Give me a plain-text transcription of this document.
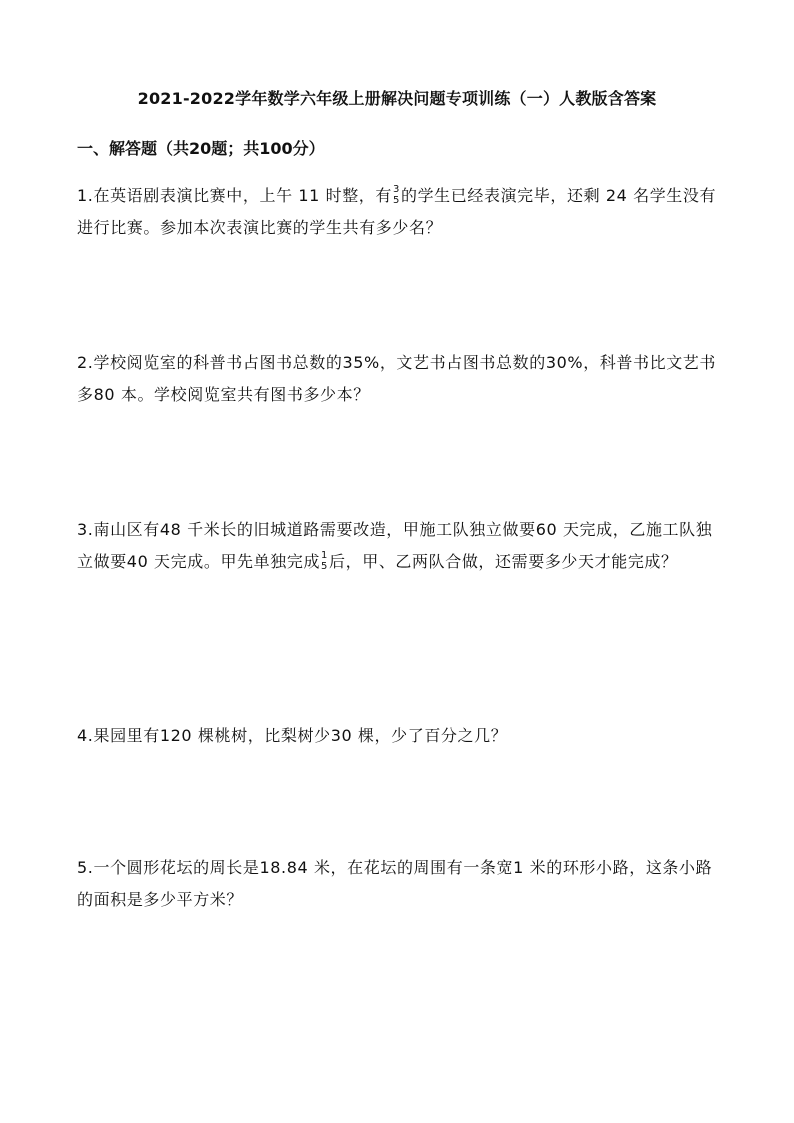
2021-2022学年数学六年级上册解决问题专项训练（一）人教版含答案
一、解答题（共20题；共100分）
1.在英语剧表演比赛中，上午 11 时整，有 3
5 的学生已经表演完毕，还剩 24 名学生没有进行比赛。参加本次表演比赛的学生共有多少名？
2.学校阅览室的科普书占图书总数的35%，文艺书占图书总数的30%，科普书比文艺书多80 本。学校阅览室共有图书多少本？
3.南山区有48 千米长的旧城道路需要改造，甲施工队独立做要60 天完成，乙施工队独立做要40 天完成。甲先单独完成 1
5 后，甲、乙两队合做，还需要多少天才能完成？
4.果园里有120 棵桃树，比梨树少30 棵，少了百分之几？
5.一个圆形花坛的周长是18.84 米，在花坛的周围有一条宽1 米的环形小路，这条小路的面积是多少平方米？
